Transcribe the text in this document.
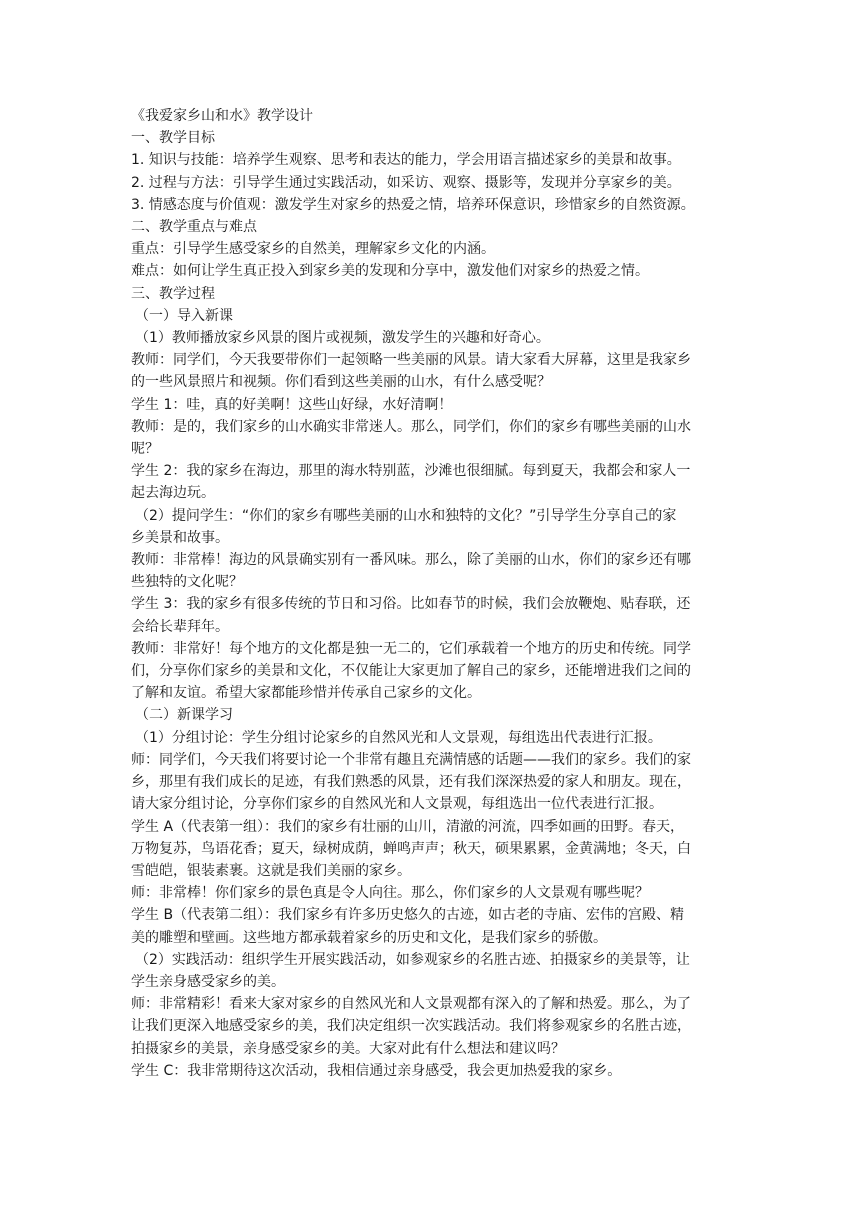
《我爱家乡山和水》教学设计
一、教学目标
1. 知识与技能：培养学生观察、思考和表达的能力，学会用语言描述家乡的美景和故事。
2. 过程与方法：引导学生通过实践活动，如采访、观察、摄影等，发现并分享家乡的美。
3. 情感态度与价值观：激发学生对家乡的热爱之情，培养环保意识，珍惜家乡的自然资源。
二、教学重点与难点
重点：引导学生感受家乡的自然美，理解家乡文化的内涵。
难点：如何让学生真正投入到家乡美的发现和分享中，激发他们对家乡的热爱之情。
三、教学过程
（一）导入新课
（1）教师播放家乡风景的图片或视频，激发学生的兴趣和好奇心。
教师：同学们，今天我要带你们一起领略一些美丽的风景。请大家看大屏幕，这里是我家乡
的一些风景照片和视频。你们看到这些美丽的山水，有什么感受呢？
学生 1：哇，真的好美啊！这些山好绿，水好清啊！
教师：是的，我们家乡的山水确实非常迷人。那么，同学们，你们的家乡有哪些美丽的山水
呢？
学生 2：我的家乡在海边，那里的海水特别蓝，沙滩也很细腻。每到夏天，我都会和家人一
起去海边玩。
（2）提问学生：“你们的家乡有哪些美丽的山水和独特的文化？”引导学生分享自己的家
乡美景和故事。
教师：非常棒！海边的风景确实别有一番风味。那么，除了美丽的山水，你们的家乡还有哪
些独特的文化呢？
学生 3：我的家乡有很多传统的节日和习俗。比如春节的时候，我们会放鞭炮、贴春联，还
会给长辈拜年。
教师：非常好！每个地方的文化都是独一无二的，它们承载着一个地方的历史和传统。同学
们，分享你们家乡的美景和文化，不仅能让大家更加了解自己的家乡，还能增进我们之间的
了解和友谊。希望大家都能珍惜并传承自己家乡的文化。
（二）新课学习
（1）分组讨论：学生分组讨论家乡的自然风光和人文景观，每组选出代表进行汇报。
师：同学们，今天我们将要讨论一个非常有趣且充满情感的话题——我们的家乡。我们的家
乡，那里有我们成长的足迹，有我们熟悉的风景，还有我们深深热爱的家人和朋友。现在，
请大家分组讨论，分享你们家乡的自然风光和人文景观，每组选出一位代表进行汇报。
学生 A（代表第一组）：我们的家乡有壮丽的山川，清澈的河流，四季如画的田野。春天，
万物复苏，鸟语花香；夏天，绿树成荫，蝉鸣声声；秋天，硕果累累，金黄满地；冬天，白
雪皑皑，银装素裹。这就是我们美丽的家乡。
师：非常棒！你们家乡的景色真是令人向往。那么，你们家乡的人文景观有哪些呢？
学生 B（代表第二组）：我们家乡有许多历史悠久的古迹，如古老的寺庙、宏伟的宫殿、精
美的雕塑和壁画。这些地方都承载着家乡的历史和文化，是我们家乡的骄傲。
（2）实践活动：组织学生开展实践活动，如参观家乡的名胜古迹、拍摄家乡的美景等，让
学生亲身感受家乡的美。
师：非常精彩！看来大家对家乡的自然风光和人文景观都有深入的了解和热爱。那么，为了
让我们更深入地感受家乡的美，我们决定组织一次实践活动。我们将参观家乡的名胜古迹，
拍摄家乡的美景，亲身感受家乡的美。大家对此有什么想法和建议吗？
学生 C：我非常期待这次活动，我相信通过亲身感受，我会更加热爱我的家乡。
